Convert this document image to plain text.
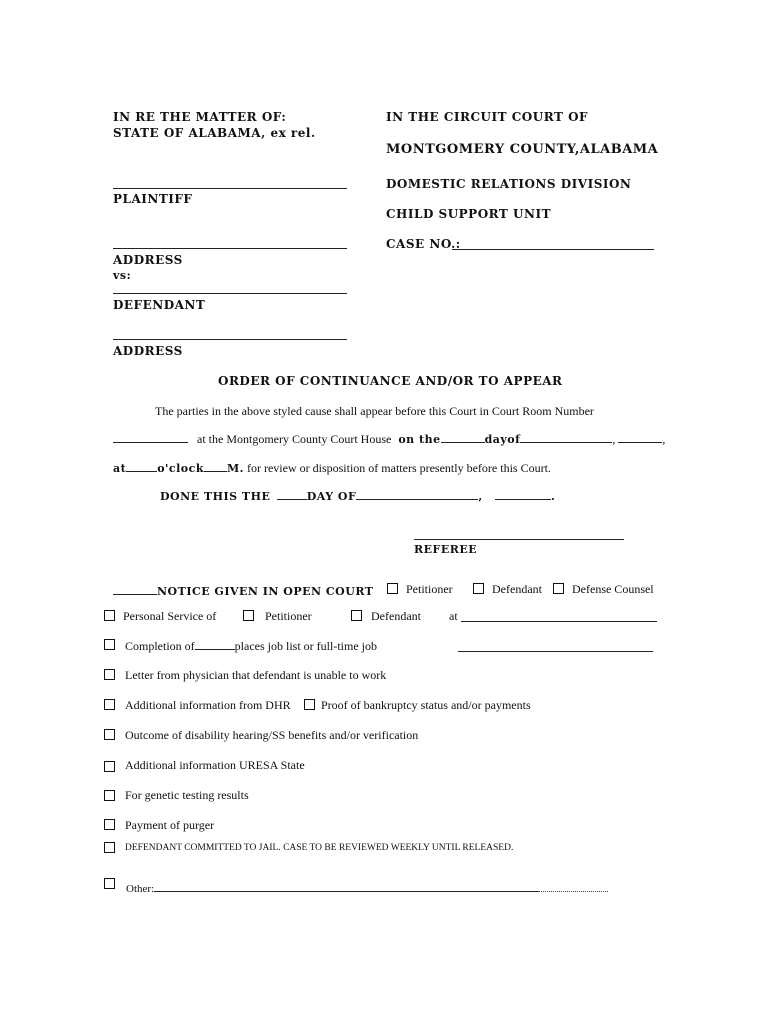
IN RE THE MATTER OF:
STATE OF ALABAMA, ex rel.
IN THE CIRCUIT COURT OF
MONTGOMERY COUNTY,ALABAMA
DOMESTIC RELATIONS DIVISION
CHILD SUPPORT UNIT
CASE NO.:
PLAINTIFF
ADDRESS
vs:
DEFENDANT
ADDRESS
ORDER OF CONTINUANCE AND/OR TO APPEAR
The parties in the above styled cause shall appear before this Court in Court Room Number
at the Montgomery County Court House on the	dayof	,	,
at	o'clock M. for review or disposition of matters presently before this Court.
DONE THIS THE	DAY OF	,	.
REFEREE
NOTICE GIVEN IN OPEN COURT	Petitioner	Defendant	Defense Counsel
Personal Service of	Petitioner	Defendant at
Completion of	places job list or full-time job
Letter from physician that defendant is unable to work
Additional information from DHR	Proof of bankruptcy status and/or payments
Outcome of disability hearing/SS benefits and/or verification
Additional information URESA State
For genetic testing results
Payment of purger
DEFENDANT COMMITTED TO JAIL. CASE TO BE REVIEWED WEEKLY UNTIL RELEASED.
Other:
